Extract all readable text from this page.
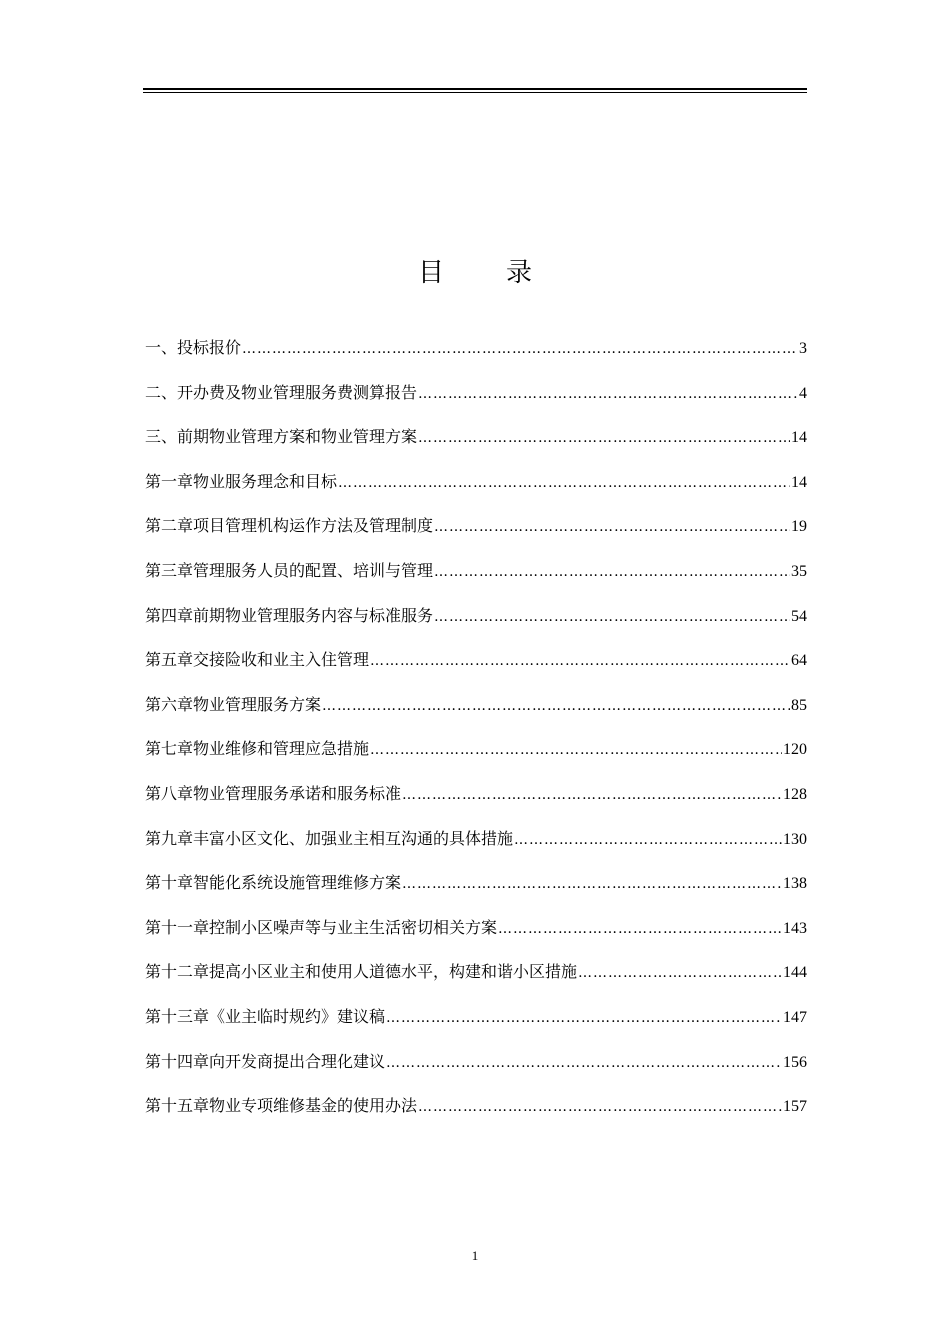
目 录
一、投标报价 ……………………………………………………………………………………………………………………………………………………………………………	3
二、开办费及物业管理服务费测算报告 ……………………………………………………………………………………………………………………………………………………………………………	4
三、前期物业管理方案和物业管理方案 ……………………………………………………………………………………………………………………………………………………………………………	14
第一章物业服务理念和目标 ……………………………………………………………………………………………………………………………………………………………………………	14
第二章项目管理机构运作方法及管理制度 ……………………………………………………………………………………………………………………………………………………………………………	19
第三章管理服务人员的配置、培训与管理 ……………………………………………………………………………………………………………………………………………………………………………	35
第四章前期物业管理服务内容与标准服务 ……………………………………………………………………………………………………………………………………………………………………………	54
第五章交接险收和业主入住管理 ……………………………………………………………………………………………………………………………………………………………………………	64
第六章物业管理服务方案 ……………………………………………………………………………………………………………………………………………………………………………	85
第七章物业维修和管理应急措施 ……………………………………………………………………………………………………………………………………………………………………………	120
第八章物业管理服务承诺和服务标准 ……………………………………………………………………………………………………………………………………………………………………………	128
第九章丰富小区文化、加强业主相互沟通的具体措施 ……………………………………………………………………………………………………………………………………………………………………………	130
第十章智能化系统设施管理维修方案 ……………………………………………………………………………………………………………………………………………………………………………	138
第十一章控制小区噪声等与业主生活密切相关方案 ……………………………………………………………………………………………………………………………………………………………………………	143
第十二章提高小区业主和使用人道德水平，构建和谐小区措施 ……………………………………………………………………………………………………………………………………………………………………………	144
第十三章《业主临时规约》建议稿 ……………………………………………………………………………………………………………………………………………………………………………	147
第十四章向开发商提出合理化建议 ……………………………………………………………………………………………………………………………………………………………………………	156
第十五章物业专项维修基金的使用办法 ……………………………………………………………………………………………………………………………………………………………………………	157
1
